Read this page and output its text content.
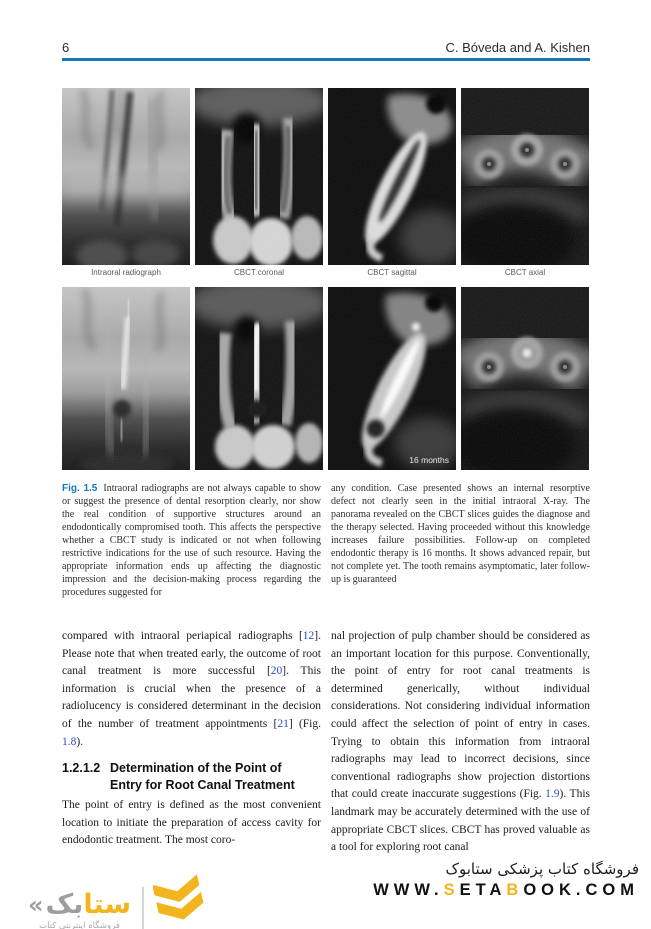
6	C. Bóveda and A. Kishen
Intraoral radiograph	CBCT coronal	CBCT sagittal	CBCT axial
16 months

Fig. 1.5 Intraoral radiographs are not always capable to show or suggest the presence of dental resorption clearly, nor show the real condition of supportive structures around an endodontically compromised tooth. This affects the perspective whether a CBCT study is indicated or not when following restrictive indications for the use of such resource. Having the appropriate information ends up affecting the diagnostic impression and the decision-making process regarding the procedures suggested for

any condition. Case presented shows an internal resorptive defect not clearly seen in the initial intraoral X-ray. The panorama revealed on the CBCT slices guides the diagnose and the therapy selected. Having proceeded without this knowledge increases failure possibilities. Follow-up on completed endodontic therapy is 16 months. It shows advanced repair, but not complete yet. The tooth remains asymptomatic, later follow-up is guaranteed

compared with intraoral periapical radiographs [12]. Please note that when treated early, the outcome of root canal treatment is more successful [20]. This information is crucial when the presence of a radiolucency is considered determinant in the decision of the number of treatment appointments [21] (Fig. 1.8).

1.2.1.2 Determination of the Point of Entry for Root Canal Treatment

The point of entry is defined as the most convenient location to initiate the preparation of access cavity for endodontic treatment. The most coro-

nal projection of pulp chamber should be considered as an important location for this purpose. Conventionally, the point of entry for root canal treatments is determined generically, without individual considerations. Not considering individual information could affect the selection of point of entry in cases. Trying to obtain this information from intraoral radiographs may lead to incorrect decisions, since conventional radiographs show projection distortions that could create inaccurate suggestions (Fig. 1.9). This landmark may be accurately determined with the use of appropriate CBCT slices. CBCT has proved valuable as a tool for exploring root canal

«	ستابک
فروشگاه اینترنتی کتاب
فروشگاه کتاب پزشکی ستابوک
WWW.SETABOOK.COM
